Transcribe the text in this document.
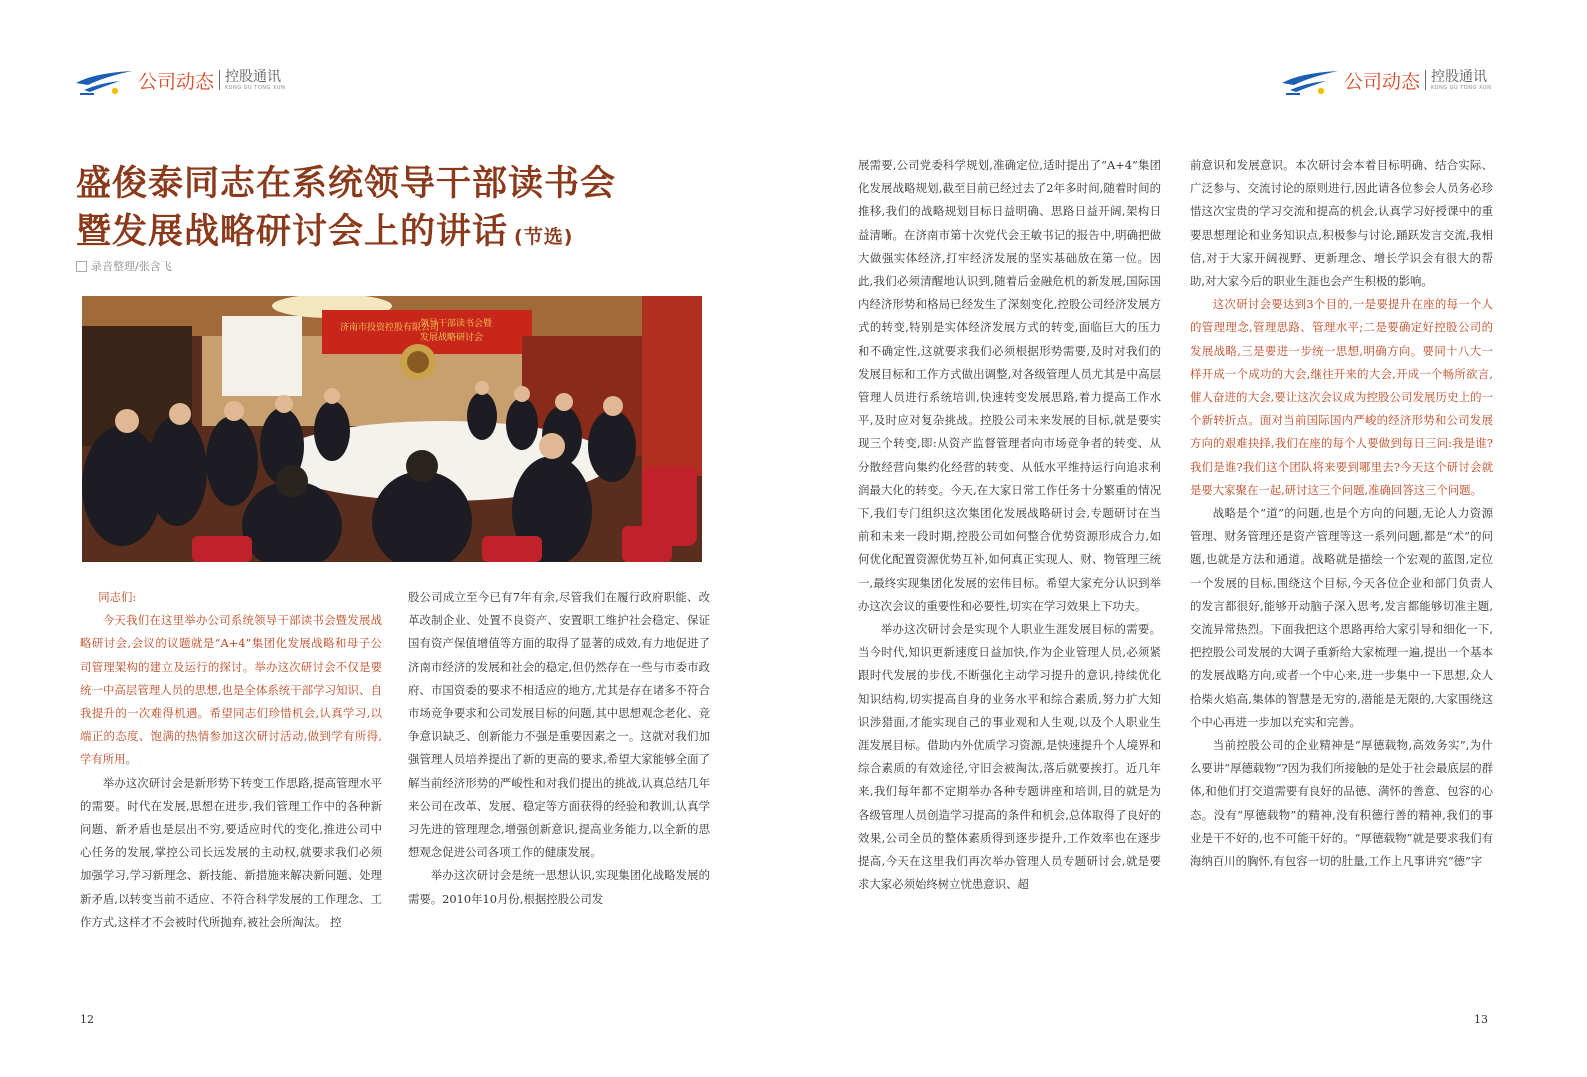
公司动态 控股通讯
KONG GU TONG XUN
盛俊泰同志在系统领导干部读书会
暨发展战略研讨会上的讲话 (节选)
录音整理/张含飞
济南市投资控股有限公司
领导干部读书会暨
发展战略研讨会

同志们:

今天我们在这里举办公司系统领导干部读书会暨发展战略研讨会,会议的议题就是“A+4”集团化发展战略和母子公司管理架构的建立及运行的探讨。举办这次研讨会不仅是要统一中高层管理人员的思想,也是全体系统干部学习知识、自我提升的一次难得机遇。希望同志们珍惜机会,认真学习,以端正的态度、饱满的热情参加这次研讨活动,做到学有所得,学有所用。

举办这次研讨会是新形势下转变工作思路,提高管理水平的需要。时代在发展,思想在进步,我们管理工作中的各种新问题、新矛盾也是层出不穷,要适应时代的变化,推进公司中心任务的发展,掌控公司长远发展的主动权,就要求我们必须加强学习,学习新理念、新技能、新措施来解决新问题、处理新矛盾,以转变当前不适应、不符合科学发展的工作理念、工作方式,这样才不会被时代所抛弃,被社会所淘汰。 控

股公司成立至今已有7年有余,尽管我们在履行政府职能、改革改制企业、处置不良资产、安置职工维护社会稳定、保证国有资产保值增值等方面的取得了显著的成效,有力地促进了济南市经济的发展和社会的稳定,但仍然存在一些与市委市政府、市国资委的要求不相适应的地方,尤其是存在诸多不符合市场竞争要求和公司发展目标的问题,其中思想观念老化、竞争意识缺乏、创新能力不强是重要因素之一。这就对我们加强管理人员培养提出了新的更高的要求,希望大家能够全面了解当前经济形势的严峻性和对我们提出的挑战,认真总结几年来公司在改革、发展、稳定等方面获得的经验和教训,认真学习先进的管理理念,增强创新意识,提高业务能力,以全新的思想观念促进公司各项工作的健康发展。

举办这次研讨会是统一思想认识,实现集团化战略发展的需要。2010年10月份,根据控股公司发

12
公司动态 控股通讯
KONG GU TONG XUN

展需要,公司党委科学规划,准确定位,适时提出了“A+4”集团化发展战略规划,截至目前已经过去了2年多时间,随着时间的推移,我们的战略规划目标日益明确、思路日益开阔,架构日益清晰。在济南市第十次党代会王敏书记的报告中,明确把做大做强实体经济,打牢经济发展的坚实基础放在第一位。因此,我们必须清醒地认识到,随着后金融危机的新发展,国际国内经济形势和格局已经发生了深刻变化,控股公司经济发展方式的转变,特别是实体经济发展方式的转变,面临巨大的压力和不确定性,这就要求我们必须根据形势需要,及时对我们的发展目标和工作方式做出调整,对各级管理人员尤其是中高层管理人员进行系统培训,快速转变发展思路,着力提高工作水平,及时应对复杂挑战。控股公司未来发展的目标,就是要实现三个转变,即:从资产监督管理者向市场竞争者的转变、从分散经营向集约化经营的转变、从低水平维持运行向追求利润最大化的转变。今天,在大家日常工作任务十分繁重的情况下,我们专门组织这次集团化发展战略研讨会,专题研讨在当前和未来一段时期,控股公司如何整合优势资源形成合力,如何优化配置资源优势互补,如何真正实现人、财、物管理三统一,最终实现集团化发展的宏伟目标。希望大家充分认识到举办这次会议的重要性和必要性,切实在学习效果上下功夫。

举办这次研讨会是实现个人职业生涯发展目标的需要。当今时代,知识更新速度日益加快,作为企业管理人员,必须紧跟时代发展的步伐,不断强化主动学习提升的意识,持续优化知识结构,切实提高自身的业务水平和综合素质,努力扩大知识涉猎面,才能实现自己的事业观和人生观,以及个人职业生涯发展目标。借助内外优质学习资源,是快速提升个人境界和综合素质的有效途径,守旧会被淘汰,落后就要挨打。近几年来,我们每年都不定期举办各种专题讲座和培训,目的就是为各级管理人员创造学习提高的条件和机会,总体取得了良好的效果,公司全员的整体素质得到逐步提升,工作效率也在逐步提高,今天在这里我们再次举办管理人员专题研讨会,就是要求大家必须始终树立忧患意识、超

前意识和发展意识。本次研讨会本着目标明确、结合实际、广泛参与、交流讨论的原则进行,因此请各位参会人员务必珍惜这次宝贵的学习交流和提高的机会,认真学习好授课中的重要思想理论和业务知识点,积极参与讨论,踊跃发言交流,我相信,对于大家开阔视野、更新理念、增长学识会有很大的帮助,对大家今后的职业生涯也会产生积极的影响。

这次研讨会要达到3个目的,一是要提升在座的每一个人的管理理念,管理思路、管理水平;二是要确定好控股公司的发展战略,三是要进一步统一思想,明确方向。要同十八大一样开成一个成功的大会,继往开来的大会,开成一个畅所欲言,催人奋进的大会,要让这次会议成为控股公司发展历史上的一个新转折点。面对当前国际国内严峻的经济形势和公司发展方向的艰难抉择,我们在座的每个人要做到每日三问:我是谁?我们是谁?我们这个团队将来要到哪里去?今天这个研讨会就是要大家聚在一起,研讨这三个问题,准确回答这三个问题。

战略是个“道”的问题,也是个方向的问题,无论人力资源管理、财务管理还是资产管理等这一系列问题,都是“术”的问题,也就是方法和通道。战略就是描绘一个宏观的蓝图,定位一个发展的目标,围绕这个目标,今天各位企业和部门负责人的发言都很好,能够开动脑子深入思考,发言都能够切准主题,交流异常热烈。下面我把这个思路再给大家引导和细化一下,把控股公司发展的大调子重新给大家梳理一遍,提出一个基本的发展战略方向,或者一个中心来,进一步集中一下思想,众人拾柴火焰高,集体的智慧是无穷的,潜能是无限的,大家围绕这个中心再进一步加以充实和完善。

当前控股公司的企业精神是“厚德载物,高效务实”,为什么要讲“厚德载物”?因为我们所接触的是处于社会最底层的群体,和他们打交道需要有良好的品德、满怀的善意、包容的心态。没有“厚德载物”的精神,没有积德行善的精神,我们的事业是干不好的,也不可能干好的。“厚德载物”就是要求我们有海纳百川的胸怀,有包容一切的肚量,工作上凡事讲究“德”字

13
